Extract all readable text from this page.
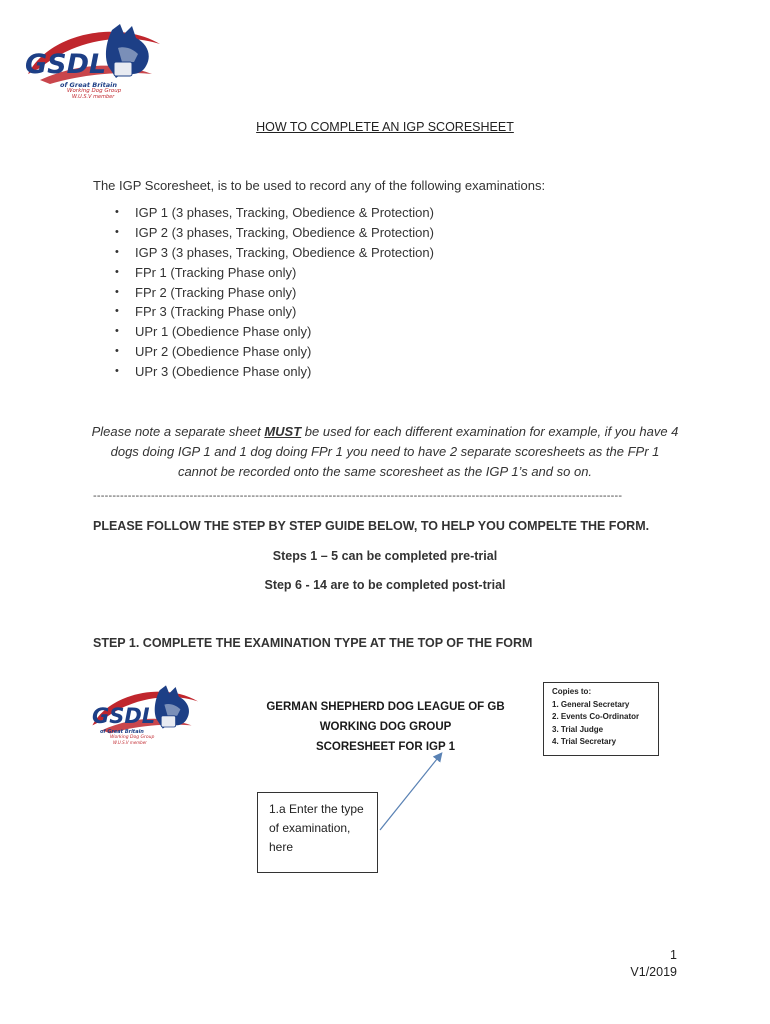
GSDL
of Great Britain
Working Dog Group
W.U.S.V member
HOW TO COMPLETE AN IGP SCORESHEET
The IGP Scoresheet, is to be used to record any of the following examinations:
• IGP 1 (3 phases, Tracking, Obedience & Protection)
• IGP 2 (3 phases, Tracking, Obedience & Protection)
• IGP 3 (3 phases, Tracking, Obedience & Protection)
• FPr 1 (Tracking Phase only)
• FPr 2 (Tracking Phase only)
• FPr 3 (Tracking Phase only)
• UPr 1 (Obedience Phase only)
• UPr 2 (Obedience Phase only)
• UPr 3 (Obedience Phase only)
Please note a separate sheet MUST be used for each different examination for example, if you have 4 dogs doing IGP 1 and 1 dog doing FPr 1 you need to have 2 separate scoresheets as the FPr 1 cannot be recorded onto the same scoresheet as the IGP 1’s and so on.
-----------------------------------------------------------------------------------------------------------------------------------------
PLEASE FOLLOW THE STEP BY STEP GUIDE BELOW, TO HELP YOU COMPELTE THE FORM.
Steps 1 – 5 can be completed pre-trial
Step 6 - 14 are to be completed post-trial
STEP 1. COMPLETE THE EXAMINATION TYPE AT THE TOP OF THE FORM
GSDL
of Great Britain
Working Dog Group
W.U.S.V member
GERMAN SHEPHERD DOG LEAGUE OF GB
WORKING DOG GROUP
SCORESHEET FOR IGP 1
Copies to:
1. General Secretary
2. Events Co-Ordinator
3. Trial Judge
4. Trial Secretary
1.a Enter the type of examination, here
1
V1/2019
